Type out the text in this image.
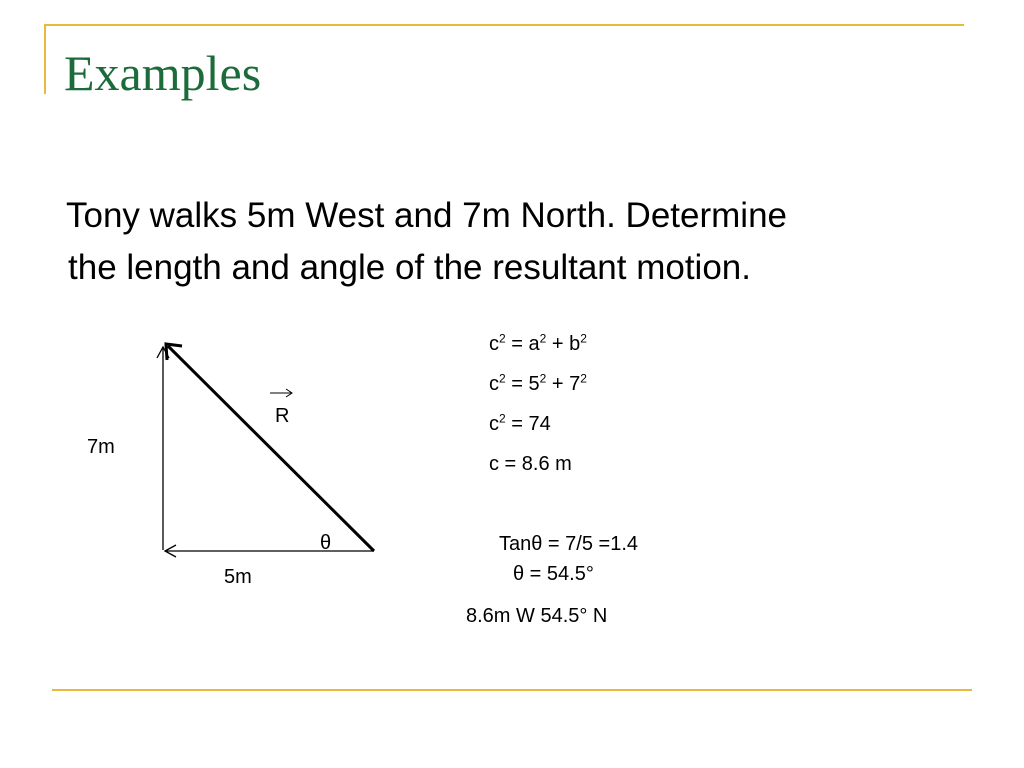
Examples
Tony walks 5m West and 7m North. Determine
the length and angle of the resultant motion.
7m
5m
R
θ
$c^2 = a^2 + b^2$
$c^2 = 5^2 + 7^2$
$c^2 = 74$
c = 8.6 m
Tanθ = 7/5 =1.4
θ = 54.5°
8.6m W 54.5° N
